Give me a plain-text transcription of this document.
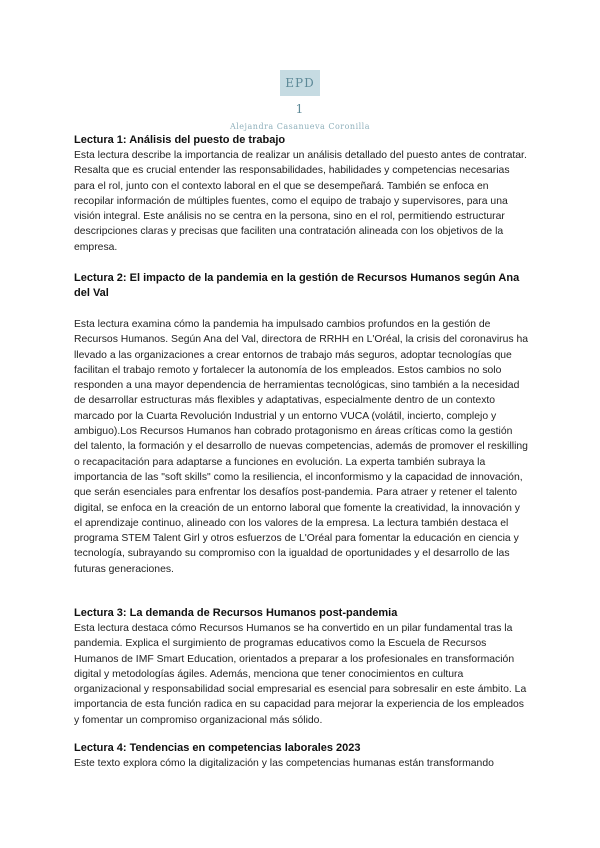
EPD 1
Alejandra Casanueva Coronilla
Lectura 1: Análisis del puesto de trabajo

Esta lectura describe la importancia de realizar un análisis detallado del puesto antes de contratar. Resalta que es crucial entender las responsabilidades, habilidades y competencias necesarias para el rol, junto con el contexto laboral en el que se desempeñará. También se enfoca en recopilar información de múltiples fuentes, como el equipo de trabajo y supervisores, para una visión integral. Este análisis no se centra en la persona, sino en el rol, permitiendo estructurar descripciones claras y precisas que faciliten una contratación alineada con los objetivos de la empresa.

Lectura 2: El impacto de la pandemia en la gestión de Recursos Humanos según Ana del Val

Esta lectura examina cómo la pandemia ha impulsado cambios profundos en la gestión de Recursos Humanos. Según Ana del Val, directora de RRHH en L'Oréal, la crisis del coronavirus ha llevado a las organizaciones a crear entornos de trabajo más seguros, adoptar tecnologías que facilitan el trabajo remoto y fortalecer la autonomía de los empleados. Estos cambios no solo responden a una mayor dependencia de herramientas tecnológicas, sino también a la necesidad de desarrollar estructuras más flexibles y adaptativas, especialmente dentro de un contexto marcado por la Cuarta Revolución Industrial y un entorno VUCA (volátil, incierto, complejo y ambiguo).Los Recursos Humanos han cobrado protagonismo en áreas críticas como la gestión del talento, la formación y el desarrollo de nuevas competencias, además de promover el reskilling o recapacitación para adaptarse a funciones en evolución. La experta también subraya la importancia de las "soft skills" como la resiliencia, el inconformismo y la capacidad de innovación, que serán esenciales para enfrentar los desafíos post-pandemia. Para atraer y retener el talento digital, se enfoca en la creación de un entorno laboral que fomente la creatividad, la innovación y el aprendizaje continuo, alineado con los valores de la empresa. La lectura también destaca el programa STEM Talent Girl y otros esfuerzos de L'Oréal para fomentar la educación en ciencia y tecnología, subrayando su compromiso con la igualdad de oportunidades y el desarrollo de las futuras generaciones.

Lectura 3: La demanda de Recursos Humanos post-pandemia

Esta lectura destaca cómo Recursos Humanos se ha convertido en un pilar fundamental tras la pandemia. Explica el surgimiento de programas educativos como la Escuela de Recursos Humanos de IMF Smart Education, orientados a preparar a los profesionales en transformación digital y metodologías ágiles. Además, menciona que tener conocimientos en cultura organizacional y responsabilidad social empresarial es esencial para sobresalir en este ámbito. La importancia de esta función radica en su capacidad para mejorar la experiencia de los empleados y fomentar un compromiso organizacional más sólido.

Lectura 4: Tendencias en competencias laborales 2023

Este texto explora cómo la digitalización y las competencias humanas están transformando
